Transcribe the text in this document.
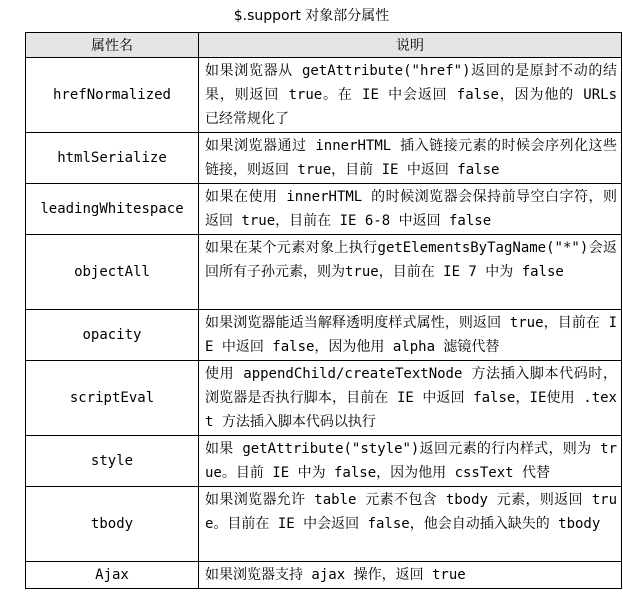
$.support 对象部分属性
属性名	说明
hrefNormalized	如果浏览器从 getAttribute("href")返回的是原封不动的结果，则返回 true。在 IE 中会返回 false，因为他的 URLs 已经常规化了
htmlSerialize	如果浏览器通过 innerHTML 插入链接元素的时候会序列化这些链接，则返回 true，目前 IE 中返回 false
leadingWhitespace	如果在使用 innerHTML 的时候浏览器会保持前导空白字符，则返回 true，目前在 IE 6-8 中返回 false
objectAll	如果在某个元素对象上执行getElementsByTagName("*")会返回所有子孙元素，则为true，目前在 IE 7 中为 false
opacity	如果浏览器能适当解释透明度样式属性，则返回 true，目前在 IE 中返回 false，因为他用 alpha 滤镜代替
scriptEval	使用 appendChild/createTextNode 方法插入脚本代码时，浏览器是否执行脚本，目前在 IE 中返回 false，IE使用 .text 方法插入脚本代码以执行
style	如果 getAttribute("style")返回元素的行内样式，则为 true。目前 IE 中为 false，因为他用 cssText 代替
tbody	如果浏览器允许 table 元素不包含 tbody 元素，则返回 true。目前在 IE 中会返回 false，他会自动插入缺失的 tbody
Ajax	如果浏览器支持 ajax 操作，返回 true
